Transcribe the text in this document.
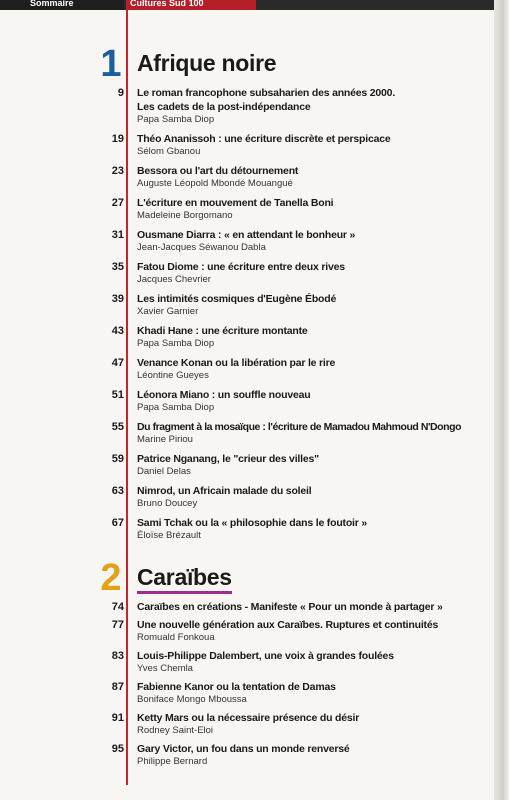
Sommaire	Cultures Sud 100
1 Afrique noire
9 Le roman francophone subsaharien des années 2000.
Les cadets de la post-indépendance
Papa Samba Diop
19 Théo Ananissoh : une écriture discrète et perspicace
Sélom Gbanou
23 Bessora ou l'art du détournement
Auguste Léopold Mbondé Mouangué
27 L'écriture en mouvement de Tanella Boni
Madeleine Borgomano
31 Ousmane Diarra : « en attendant le bonheur »
Jean-Jacques Séwanou Dabla
35 Fatou Diome : une écriture entre deux rives
Jacques Chevrier
39 Les intimités cosmiques d'Eugène Ébodé
Xavier Garnier
43 Khadi Hane : une écriture montante
Papa Samba Diop
47 Venance Konan ou la libération par le rire
Léontine Gueyes
51 Léonora Miano : un souffle nouveau
Papa Samba Diop
55 Du fragment à la mosaïque : l'écriture de Mamadou Mahmoud N'Dongo
Marine Piriou
59 Patrice Nganang, le "crieur des villes"
Daniel Delas
63 Nimrod, un Africain malade du soleil
Bruno Doucey
67 Sami Tchak ou la « philosophie dans le foutoir »
Éloïse Brézault
2 Caraïbes
74 Caraïbes en créations - Manifeste « Pour un monde à partager »
77 Une nouvelle génération aux Caraïbes. Ruptures et continuités
Romuald Fonkoua
83 Louis-Philippe Dalembert, une voix à grandes foulées
Yves Chemla
87 Fabienne Kanor ou la tentation de Damas
Boniface Mongo Mboussa
91 Ketty Mars ou la nécessaire présence du désir
Rodney Saint-Eloi
95 Gary Victor, un fou dans un monde renversé
Philippe Bernard
